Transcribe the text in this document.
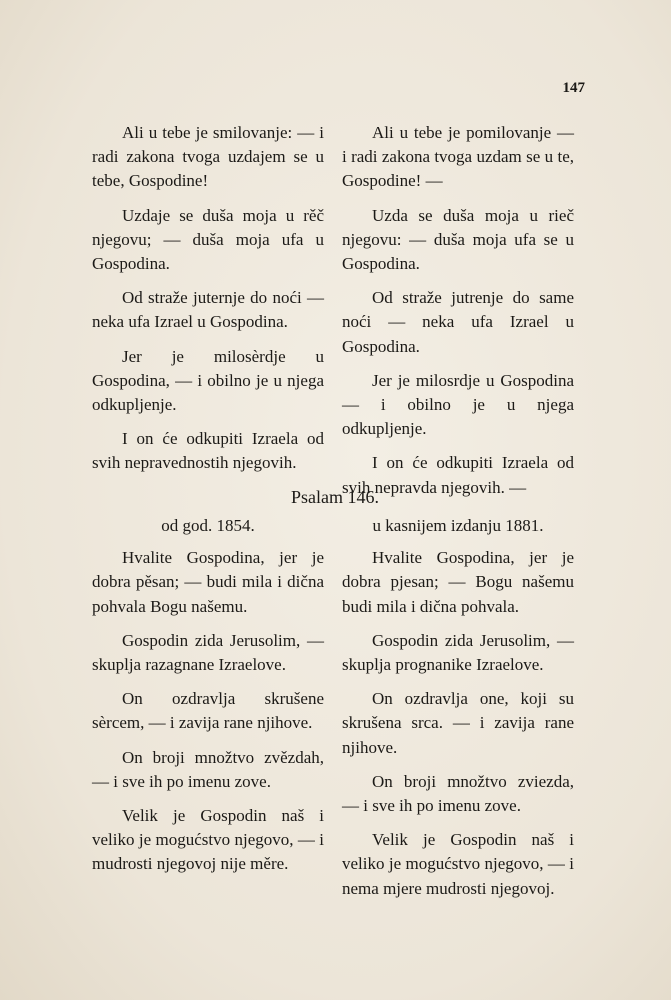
147

Ali u tebe je smilovanje: — i radi zakona tvoga uzdajem se u tebe, Gospodine!

Uzdaje se duša moja u rěč njegovu; — duša moja ufa u Gospodina.

Od straže juternje do noći — neka ufa Izrael u Gospodina.

Jer je milosèrdje u Gospodina, — i obilno je u njega odkupljenje.

I on će odkupiti Izraela od svih nepravednostih njegovih.

Ali u tebe je pomilovanje — i radi zakona tvoga uzdam se u te, Gospodine! —

Uzda se duša moja u rieč njegovu: — duša moja ufa se u Gospodina.

Od straže jutrenje do same noći — neka ufa Izrael u Gospodina.

Jer je milosrdje u Gospodina — i obilno je u njega odkupljenje.

I on će odkupiti Izraela od svih nepravda njegovih. —

Psalam 146.

od god. 1854.

Hvalite Gospodina, jer je dobra pěsan; — budi mila i dična pohvala Bogu našemu.

Gospodin zida Jerusolim, — skuplja razagnane Izraelove.

On ozdravlja skrušene sèrcem, — i zavija rane njihove.

On broji množtvo zvězdah, — i sve ih po imenu zove.

Velik je Gospodin naš i veliko je mogućstvo njegovo, — i mudrosti njegovoj nije měre.

u kasnijem izdanju 1881.

Hvalite Gospodina, jer je dobra pjesan; — Bogu našemu budi mila i dična pohvala.

Gospodin zida Jerusolim, — skuplja prognanike Izraelove.

On ozdravlja one, koji su skrušena srca. — i zavija rane njihove.

On broji množtvo zviezda, — i sve ih po imenu zove.

Velik je Gospodin naš i veliko je mogućstvo njegovo, — i nema mjere mudrosti njegovoj.
